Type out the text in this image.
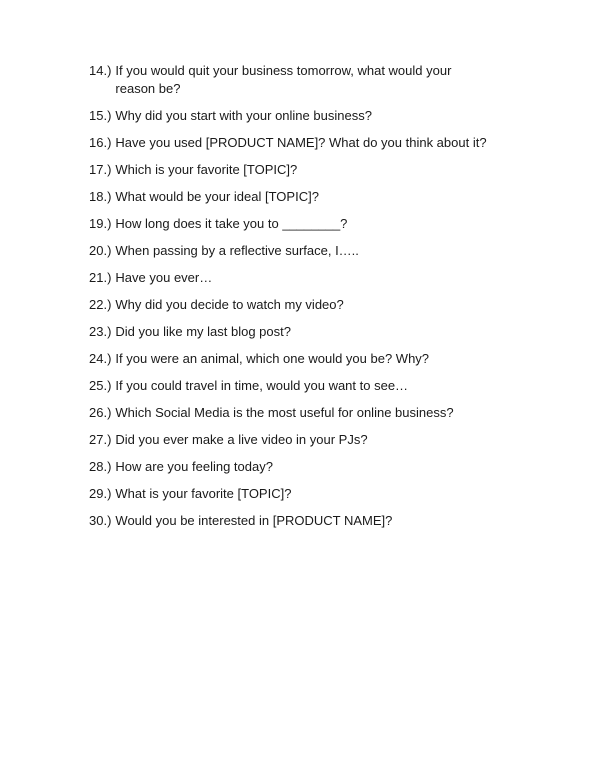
14.) If you would quit your business tomorrow, what would your reason be?
15.) Why did you start with your online business?
16.) Have you used [PRODUCT NAME]? What do you think about it?
17.) Which is your favorite [TOPIC]?
18.) What would be your ideal [TOPIC]?
19.) How long does it take you to ________?
20.) When passing by a reflective surface, I…..
21.) Have you ever…
22.) Why did you decide to watch my video?
23.) Did you like my last blog post?
24.) If you were an animal, which one would you be? Why?
25.) If you could travel in time, would you want to see…
26.) Which Social Media is the most useful for online business?
27.) Did you ever make a live video in your PJs?
28.) How are you feeling today?
29.) What is your favorite [TOPIC]?
30.) Would you be interested in [PRODUCT NAME]?
